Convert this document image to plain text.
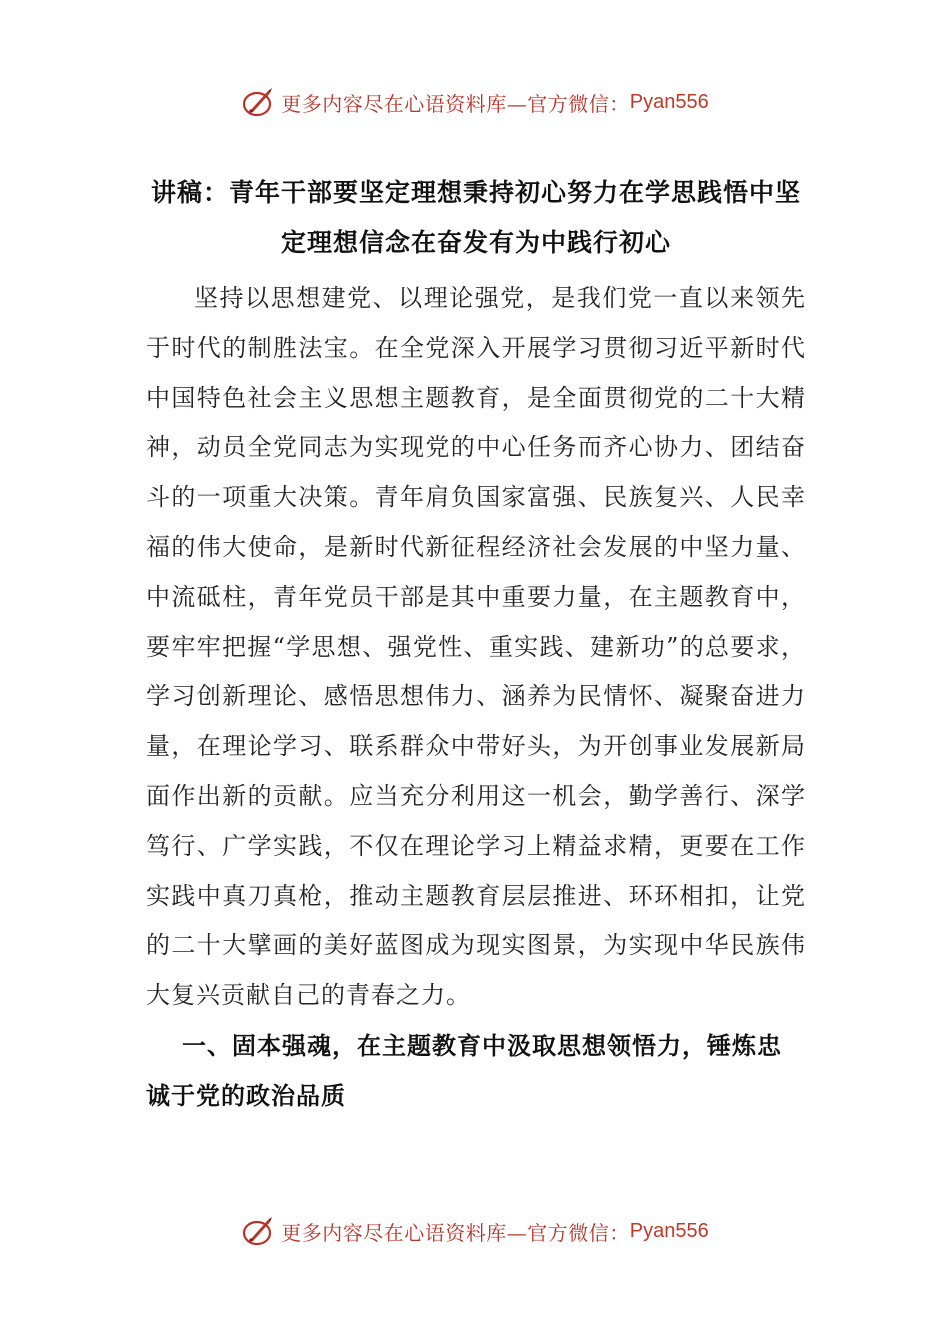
更多内容尽在心语资料库—官方微信： Pyan556
讲稿：青年干部要坚定理想秉持初心努力在学思践悟中坚定理想信念在奋发有为中践行初心

坚持以思想建党、以理论强党，是我们党一直以来领先于时代的制胜法宝。在全党深入开展学习贯彻习近平新时代中国特色社会主义思想主题教育，是全面贯彻党的二十大精神，动员全党同志为实现党的中心任务而齐心协力、团结奋斗的一项重大决策。青年肩负国家富强、民族复兴、人民幸福的伟大使命，是新时代新征程经济社会发展的中坚力量、中流砥柱，青年党员干部是其中重要力量，在主题教育中，要牢牢把握“学思想、强党性、重实践、建新功”的总要求，学习创新理论、感悟思想伟力、涵养为民情怀、凝聚奋进力量，在理论学习、联系群众中带好头，为开创事业发展新局面作出新的贡献。应当充分利用这一机会，勤学善行、深学笃行、广学实践，不仅在理论学习上精益求精，更要在工作实践中真刀真枪，推动主题教育层层推进、环环相扣，让党的二十大擘画的美好蓝图成为现实图景，为实现中华民族伟大复兴贡献自己的青春之力。

一、固本强魂，在主题教育中汲取思想领悟力，锤炼忠诚于党的政治品质
更多内容尽在心语资料库—官方微信： Pyan556
